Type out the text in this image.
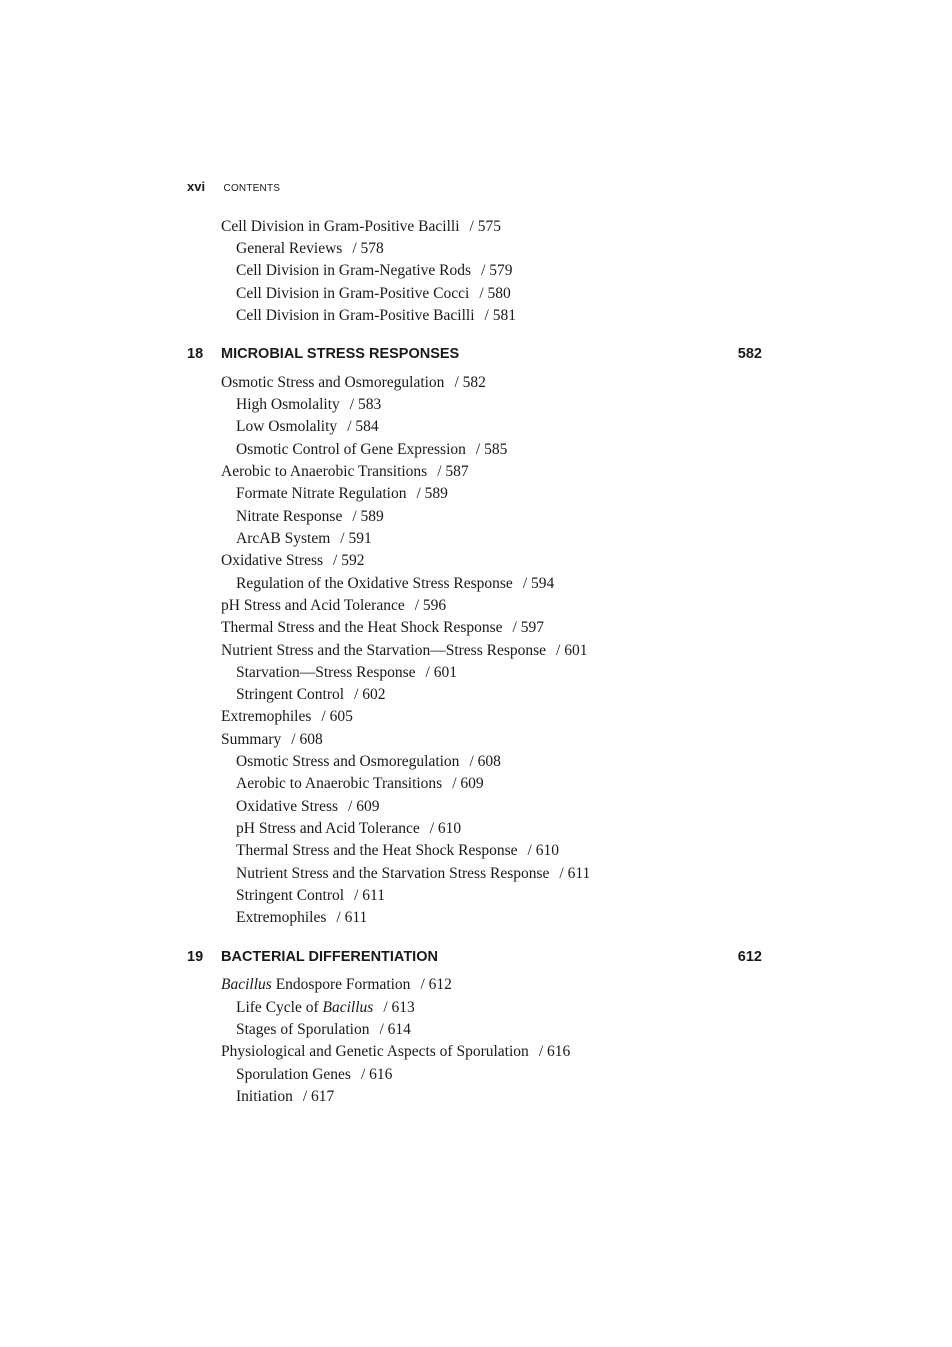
xvi CONTENTS
Cell Division in Gram-Positive Bacilli / 575
General Reviews / 578
Cell Division in Gram-Negative Rods / 579
Cell Division in Gram-Positive Cocci / 580
Cell Division in Gram-Positive Bacilli / 581
18 MICROBIAL STRESS RESPONSES	582
Osmotic Stress and Osmoregulation / 582
High Osmolality / 583
Low Osmolality / 584
Osmotic Control of Gene Expression / 585
Aerobic to Anaerobic Transitions / 587
Formate Nitrate Regulation / 589
Nitrate Response / 589
ArcAB System / 591
Oxidative Stress / 592
Regulation of the Oxidative Stress Response / 594
pH Stress and Acid Tolerance / 596
Thermal Stress and the Heat Shock Response / 597
Nutrient Stress and the Starvation—Stress Response / 601
Starvation—Stress Response / 601
Stringent Control / 602
Extremophiles / 605
Summary / 608
Osmotic Stress and Osmoregulation / 608
Aerobic to Anaerobic Transitions / 609
Oxidative Stress / 609
pH Stress and Acid Tolerance / 610
Thermal Stress and the Heat Shock Response / 610
Nutrient Stress and the Starvation Stress Response / 611
Stringent Control / 611
Extremophiles / 611
19 BACTERIAL DIFFERENTIATION	612
Bacillus Endospore Formation / 612
Life Cycle of Bacillus / 613
Stages of Sporulation / 614
Physiological and Genetic Aspects of Sporulation / 616
Sporulation Genes / 616
Initiation / 617
